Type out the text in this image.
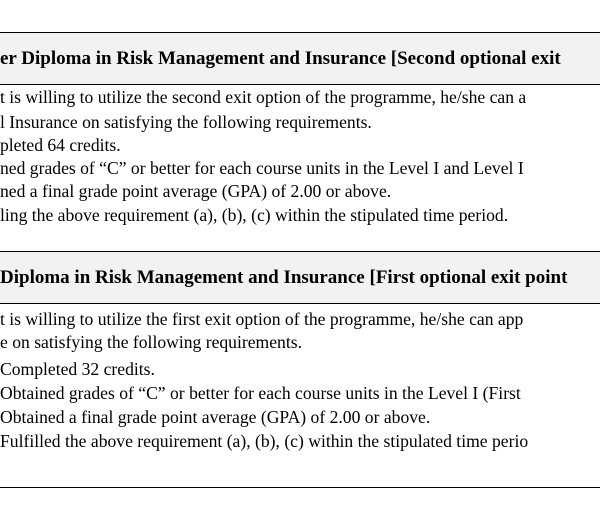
er Diploma in Risk Management and Insurance [Second optional exit
t is willing to utilize the second exit option of the programme, he/she can a
l Insurance on satisfying the following requirements.
pleted 64 credits.
ned grades of “C” or better for each course units in the Level I and Level I
ned a final grade point average (GPA) of 2.00 or above.
ling the above requirement (a), (b), (c) within the stipulated time period.
Diploma in Risk Management and Insurance [First optional exit point
t is willing to utilize the first exit option of the programme, he/she can app
e on satisfying the following requirements.
Completed 32 credits.
Obtained grades of “C” or better for each course units in the Level I (First
Obtained a final grade point average (GPA) of 2.00 or above.
Fulfilled the above requirement (a), (b), (c) within the stipulated time perio
